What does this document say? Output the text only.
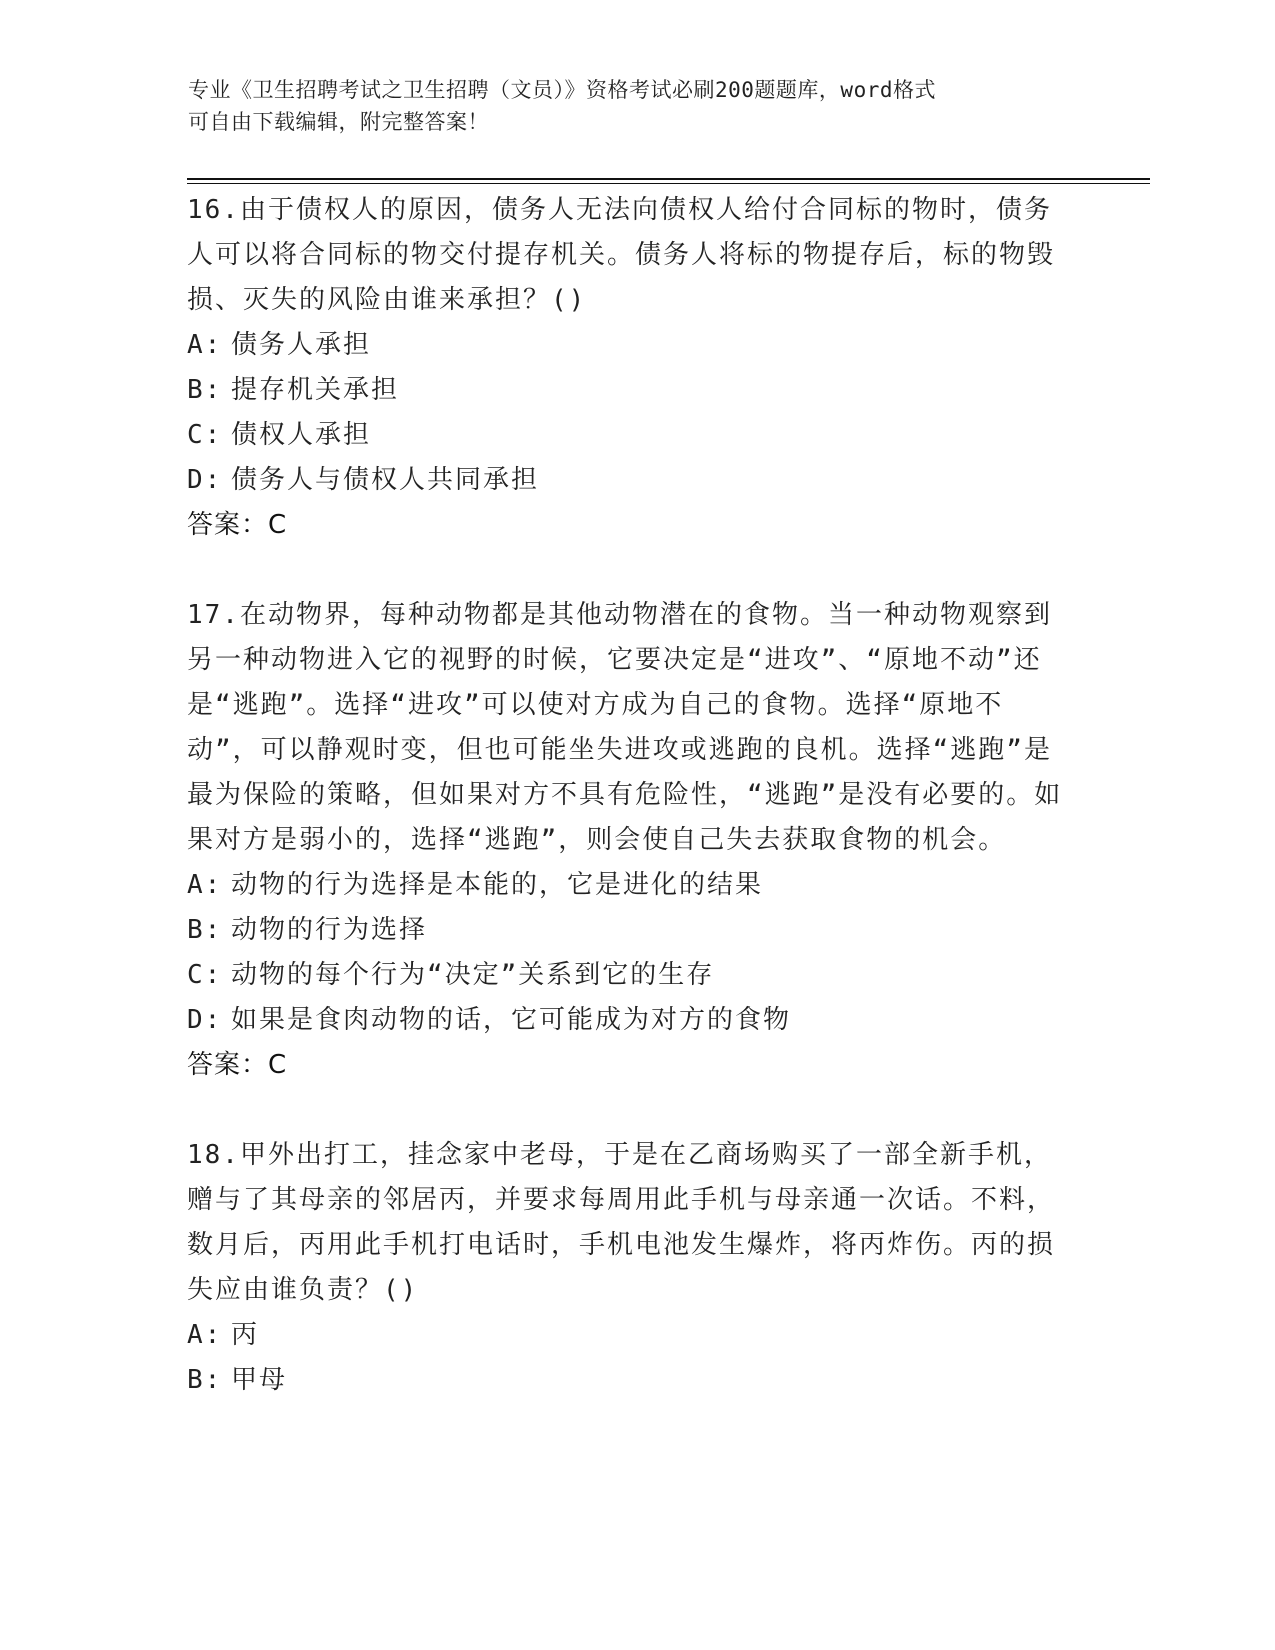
专业《卫生招聘考试之卫生招聘（文员）》资格考试必刷200题题库，word格式
可自由下载编辑，附完整答案！
16.由于债权人的原因，债务人无法向债权人给付合同标的物时，债务人可以将合同标的物交付提存机关。债务人将标的物提存后，标的物毁损、灭失的风险由谁来承担？()
A: 债务人承担
B: 提存机关承担
C: 债权人承担
D: 债务人与债权人共同承担
答案：C
17.在动物界，每种动物都是其他动物潜在的食物。当一种动物观察到另一种动物进入它的视野的时候，它要决定是“进攻”、“原地不动”还是“逃跑”。选择“进攻”可以使对方成为自己的食物。选择“原地不动”，可以静观时变，但也可能坐失进攻或逃跑的良机。选择“逃跑”是最为保险的策略，但如果对方不具有危险性，“逃跑”是没有必要的。如果对方是弱小的，选择“逃跑”，则会使自己失去获取食物的机会。
A: 动物的行为选择是本能的，它是进化的结果
B: 动物的行为选择
C: 动物的每个行为“决定”关系到它的生存
D: 如果是食肉动物的话，它可能成为对方的食物
答案：C
18.甲外出打工，挂念家中老母，于是在乙商场购买了一部全新手机，赠与了其母亲的邻居丙，并要求每周用此手机与母亲通一次话。不料，数月后，丙用此手机打电话时，手机电池发生爆炸，将丙炸伤。丙的损失应由谁负责？()
A: 丙
B: 甲母
